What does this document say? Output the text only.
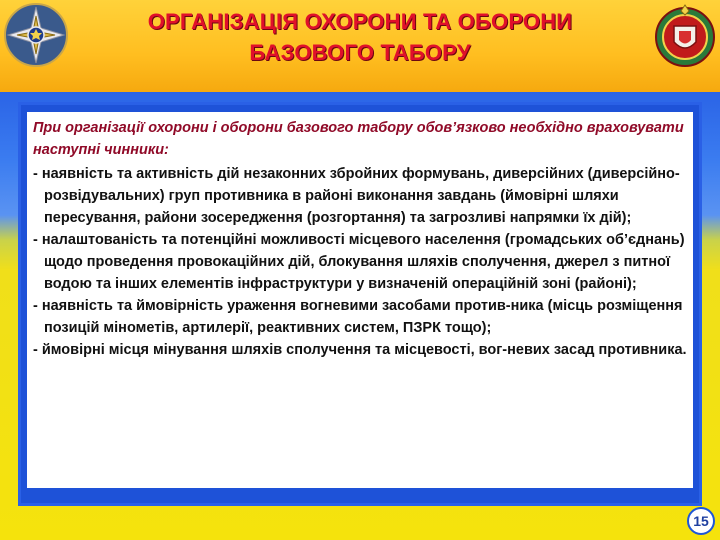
ОРГАНІЗАЦІЯ ОХОРОНИ ТА ОБОРОНИ
БАЗОВОГО ТАБОРУ
При організації охорони і оборони базового табору обов’язково необхідно враховувати наступні чинники:

- наявність та активність дій незаконних збройних формувань, диверсійних (диверсійно-розвідувальних) груп противника в районі виконання завдань (ймовірні шляхи пересування, райони зосередження (розгортання) та загрозливі напрямки їх дій);

- налаштованість та потенційні можливості місцевого населення (громадських об’єднань) щодо проведення провокаційних дій, блокування шляхів сполучення, джерел з питної водою та інших елементів інфраструктури у визначеній операційній зоні (районі);

- наявність та ймовірність ураження вогневими засобами против-ника (місць розміщення позицій мінометів, артилерії, реактивних систем, ПЗРК тощо);

- ймовірні місця мінування шляхів сполучення та місцевості, вог-невих засад противника.

15
